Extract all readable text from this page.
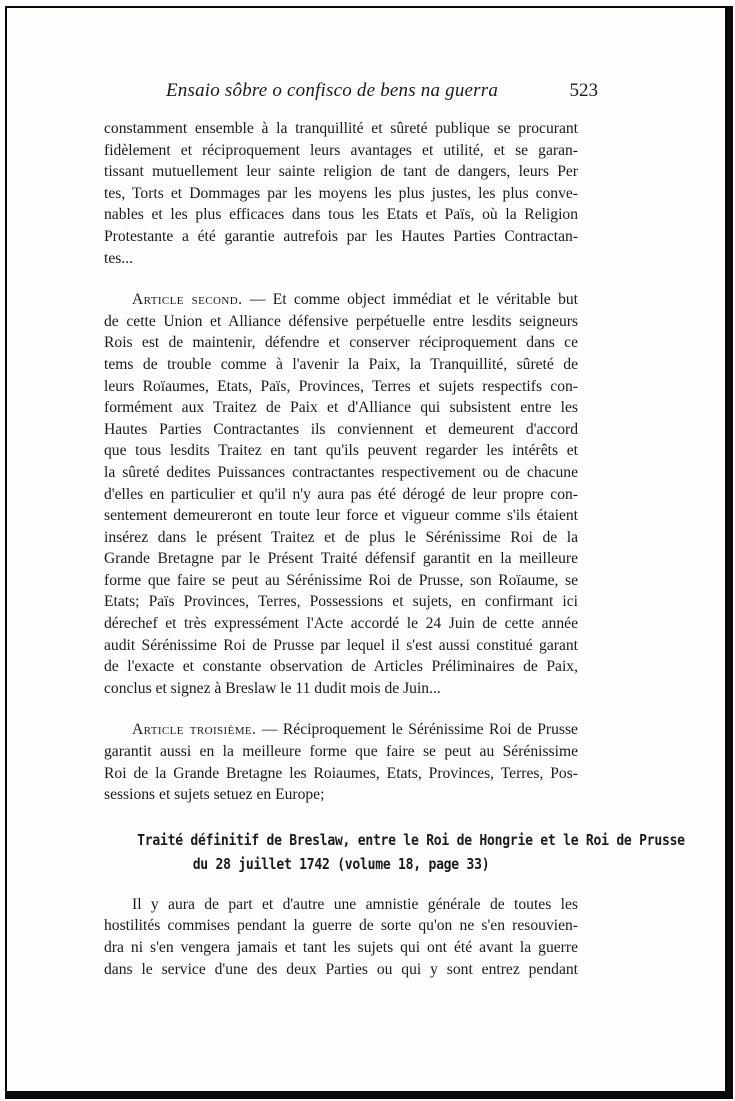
Ensaio sôbre o confisco de bens na guerra	523

constamment ensemble à la tranquillité et sûreté publique se procurant
fidèlement et réciproquement leurs avantages et utilité, et se garan-
tissant mutuellement leur sainte religion de tant de dangers, leurs Per
tes, Torts et Dommages par les moyens les plus justes, les plus conve-
nables et les plus efficaces dans tous les Etats et Païs, où la Religion
Protestante a été garantie autrefois par les Hautes Parties Contractan-
tes...

Article second. — Et comme object immédiat et le véritable but
de cette Union et Alliance défensive perpétuelle entre lesdits seigneurs
Rois est de maintenir, défendre et conserver réciproquement dans ce
tems de trouble comme à l'avenir la Paix, la Tranquillité, sûreté de
leurs Roïaumes, Etats, Païs, Provinces, Terres et sujets respectifs con-
formément aux Traitez de Paix et d'Alliance qui subsistent entre les
Hautes Parties Contractantes ils conviennent et demeurent d'accord
que tous lesdits Traitez en tant qu'ils peuvent regarder les intérêts et
la sûreté dedites Puissances contractantes respectivement ou de chacune
d'elles en particulier et qu'il n'y aura pas été dérogé de leur propre con-
sentement demeureront en toute leur force et vigueur comme s'ils étaient
insérez dans le présent Traitez et de plus le Sérénissime Roi de la
Grande Bretagne par le Présent Traité défensif garantit en la meilleure
forme que faire se peut au Sérénissime Roi de Prusse, son Roïaume, se
Etats; Païs Provinces, Terres, Possessions et sujets, en confirmant ici
dérechef et très expressément l'Acte accordé le 24 Juin de cette année
audit Sérénissime Roi de Prusse par lequel il s'est aussi constitué garant
de l'exacte et constante observation de Articles Préliminaires de Paix,
conclus et signez à Breslaw le 11 dudit mois de Juin...

Article troisième. — Réciproquement le Sérénissime Roi de Prusse
garantit aussi en la meilleure forme que faire se peut au Sérénissime
Roi de la Grande Bretagne les Roiaumes, Etats, Provinces, Terres, Pos-
sessions et sujets setuez en Europe;

Traité définitif de Breslaw, entre le Roi de Hongrie et le Roi de Prusse
du 28 juillet 1742 (volume 18, page 33)

Il y aura de part et d'autre une amnistie générale de toutes les
hostilités commises pendant la guerre de sorte qu'on ne s'en resouvien-
dra ni s'en vengera jamais et tant les sujets qui ont été avant la guerre
dans le service d'une des deux Parties ou qui y sont entrez pendant
